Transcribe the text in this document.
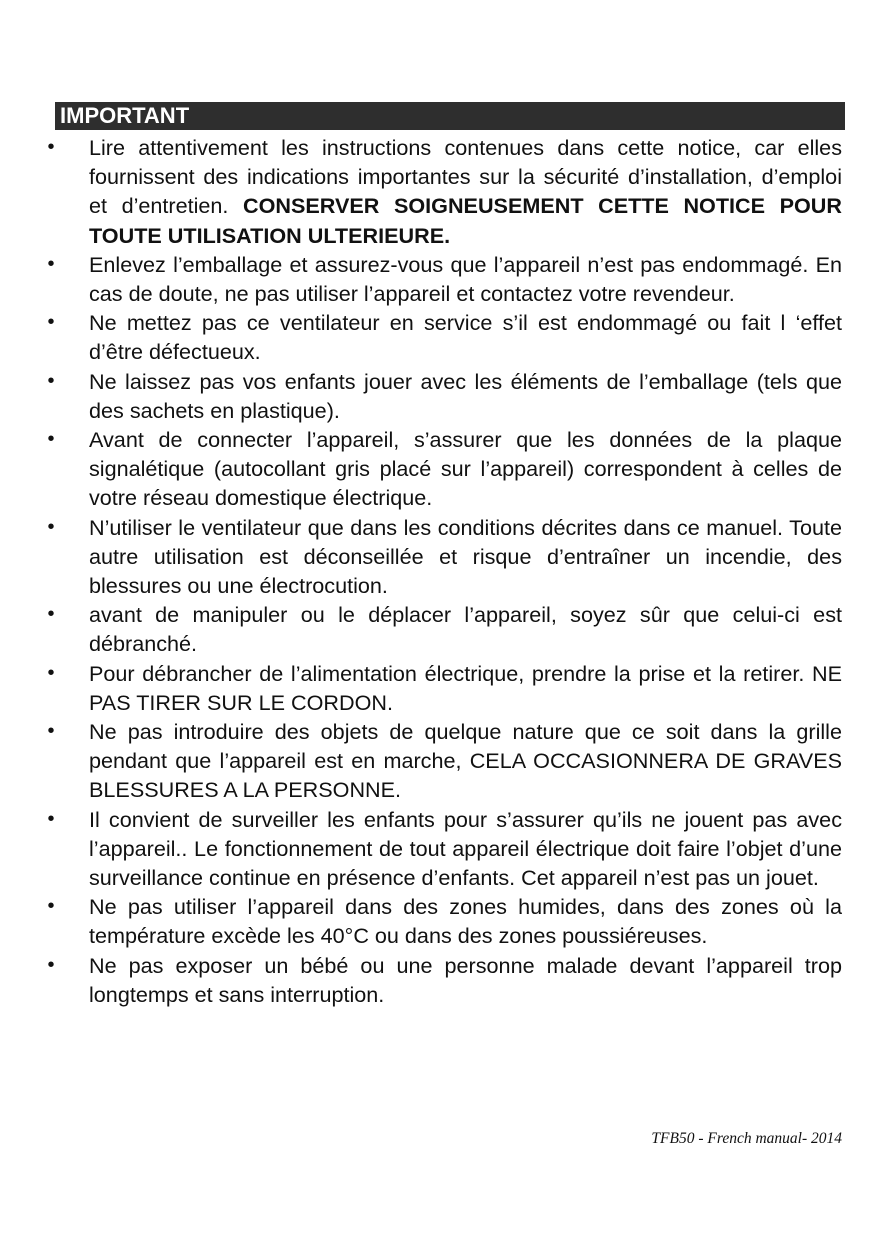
IMPORTANT
• Lire attentivement les instructions contenues dans cette notice, car elles fournissent des indications importantes sur la sécurité d’installation, d’emploi et d’entretien. CONSERVER SOIGNEUSEMENT CETTE NOTICE POUR TOUTE UTILISATION ULTERIEURE.
• Enlevez l’emballage et assurez-vous que l’appareil n’est pas endommagé. En cas de doute, ne pas utiliser l’appareil et contactez votre revendeur.
• Ne mettez pas ce ventilateur en service s’il est endommagé ou fait l ‘effet d’être défectueux.
• Ne laissez pas vos enfants jouer avec les éléments de l’emballage (tels que des sachets en plastique).
• Avant de connecter l’appareil, s’assurer que les données de la plaque signalétique (autocollant gris placé sur l’appareil) correspondent à celles de votre réseau domestique électrique.
• N’utiliser le ventilateur que dans les conditions décrites dans ce manuel. Toute autre utilisation est déconseillée et risque d’entraîner un incendie, des blessures ou une électrocution.
• avant de manipuler ou le déplacer l’appareil, soyez sûr que celui-ci est débranché.
• Pour débrancher de l’alimentation électrique, prendre la prise et la retirer. NE PAS TIRER SUR LE CORDON.
• Ne pas introduire des objets de quelque nature que ce soit dans la grille pendant que l’appareil est en marche, CELA OCCASIONNERA DE GRAVES BLESSURES A LA PERSONNE.
• Il convient de surveiller les enfants pour s’assurer qu’ils ne jouent pas avec l’appareil.. Le fonctionnement de tout appareil électrique doit faire l’objet d’une surveillance continue en présence d’enfants. Cet appareil n’est pas un jouet.
• Ne pas utiliser l’appareil dans des zones humides, dans des zones où la température excède les 40°C ou dans des zones poussiéreuses.
• Ne pas exposer un bébé ou une personne malade devant l’appareil trop longtemps et sans interruption.
TFB50 - French manual- 2014
